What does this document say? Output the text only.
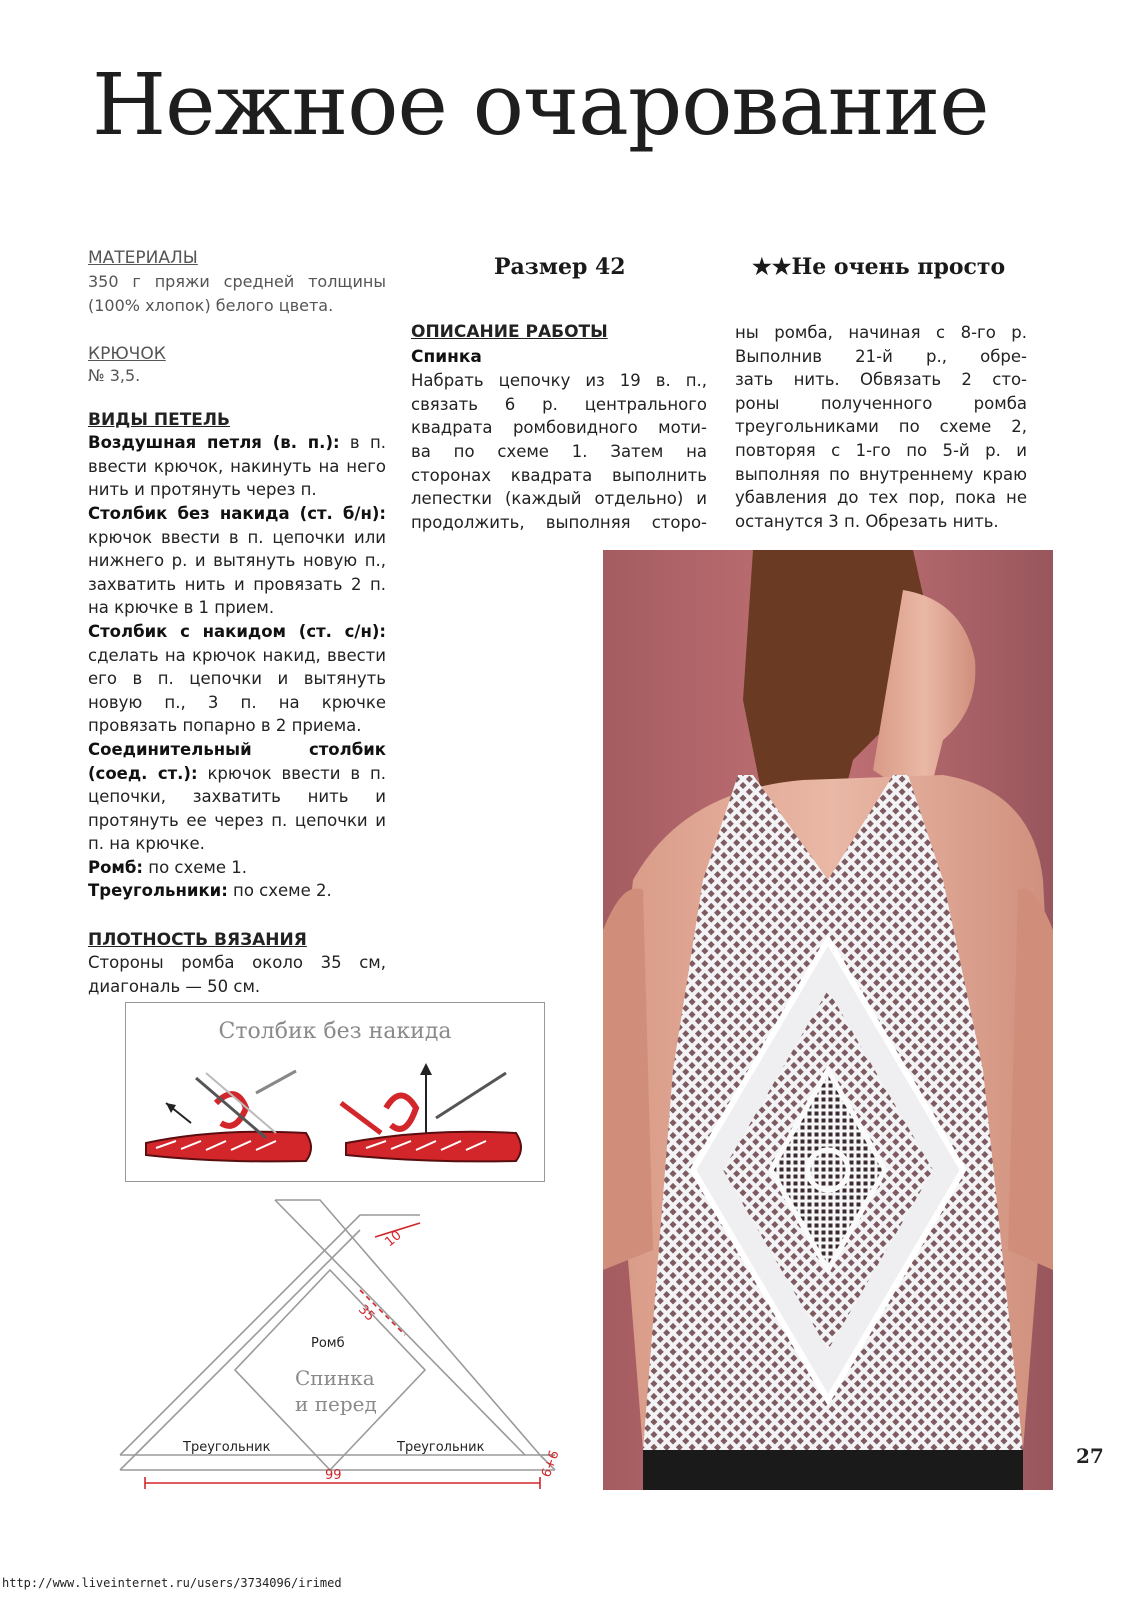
Нежное очарование
Размер 42	★★Не очень просто
МАТЕРИАЛЫ
350 г пряжи средней толщины
(100% хлопок) белого цвета.
КРЮЧОК
№ 3,5.
ВИДЫ ПЕТЕЛЬ
Воздушная петля (в. п.): в п. ввести крючок, накинуть на него нить и протянуть через п.
Столбик без накида (ст. б/н): крючок ввести в п. цепочки или нижнего р. и вытянуть новую п., захватить нить и провязать 2 п. на крючке в 1 прием.
Столбик с накидом (ст. с/н): сделать на крючок накид, ввести его в п. цепочки и вытянуть новую п., 3 п. на крючке провязать попарно в 2 приема.
Соединительный столбик (соед. ст.): крючок ввести в п. цепочки, захватить нить и протянуть ее через п. цепочки и п. на крючке.
Ромб: по схеме 1.
Треугольники: по схеме 2.
ПЛОТНОСТЬ ВЯЗАНИЯ
Стороны ромба около 35 см, диагональ — 50 см.
ОПИСАНИЕ РАБОТЫ
Спинка
Набрать цепочку из 19 в. п.,
связать 6 р. центрального
квадрата ромбовидного моти-
ва по схеме 1. Затем на
сторонах квадрата выполнить
лепестки (каждый отдельно) и
продолжить, выполняя сторо-
ны ромба, начиная с 8-го р.
Выполнив 21-й р., обре-
зать нить. Обвязать 2 сто-
роны полученного ромба
треугольниками по схеме 2,
повторяя с 1-го по 5-й р. и
выполняя по внутреннему краю
убавления до тех пор, пока не
останутся 3 п. Обрезать нить.
Столбик без накида
Ромб
Спинка
и перед
Треугольник	Треугольник
10
35
99	6+6	27
http://www.liveinternet.ru/users/3734096/irimed
